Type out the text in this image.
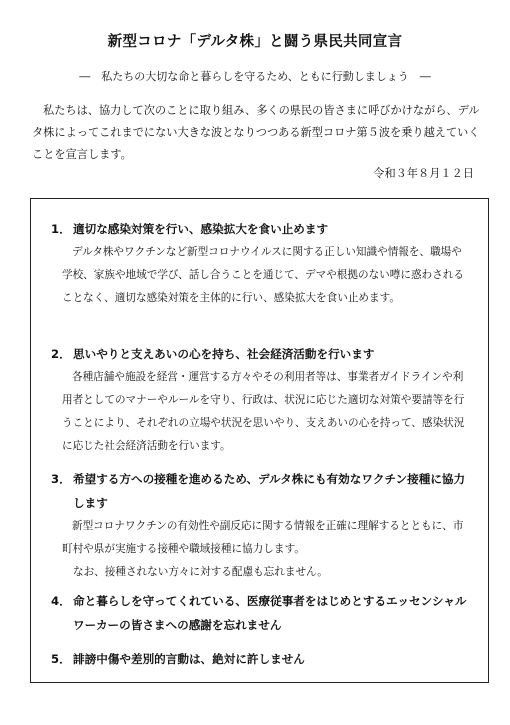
新型コロナ「デルタ株」と闘う県民共同宣言
―　私たちの大切な命と暮らしを守るため、ともに行動しましょう　―

私たちは、協力して次のことに取り組み、多くの県民の皆さまに呼びかけながら、デルタ株によってこれまでにない大きな波となりつつある新型コロナ第５波を乗り越えていくことを宣言します。

令和３年８月１２日

1． 適切な感染対策を行い、感染拡大を食い止めます

デルタ株やワクチンなど新型コロナウイルスに関する正しい知識や情報を、職場や学校、家族や地域で学び、話し合うことを通じて、デマや根拠のない噂に惑わされることなく、適切な感染対策を主体的に行い、感染拡大を食い止めます。

2． 思いやりと支えあいの心を持ち、社会経済活動を行います

各種店舗や施設を経営・運営する方々やその利用者等は、事業者ガイドラインや利用者としてのマナーやルールを守り、行政は、状況に応じた適切な対策や要請等を行うことにより、それぞれの立場や状況を思いやり、支えあいの心を持って、感染状況に応じた社会経済活動を行います。

3． 希望する方への接種を進めるため、デルタ株にも有効なワクチン接種に協力します

新型コロナワクチンの有効性や副反応に関する情報を正確に理解するとともに、市町村や県が実施する接種や職域接種に協力します。

なお、接種されない方々に対する配慮も忘れません。

4． 命と暮らしを守ってくれている、医療従事者をはじめとするエッセンシャルワーカーの皆さまへの感謝を忘れません

5． 誹謗中傷や差別的言動は、絶対に許しません
